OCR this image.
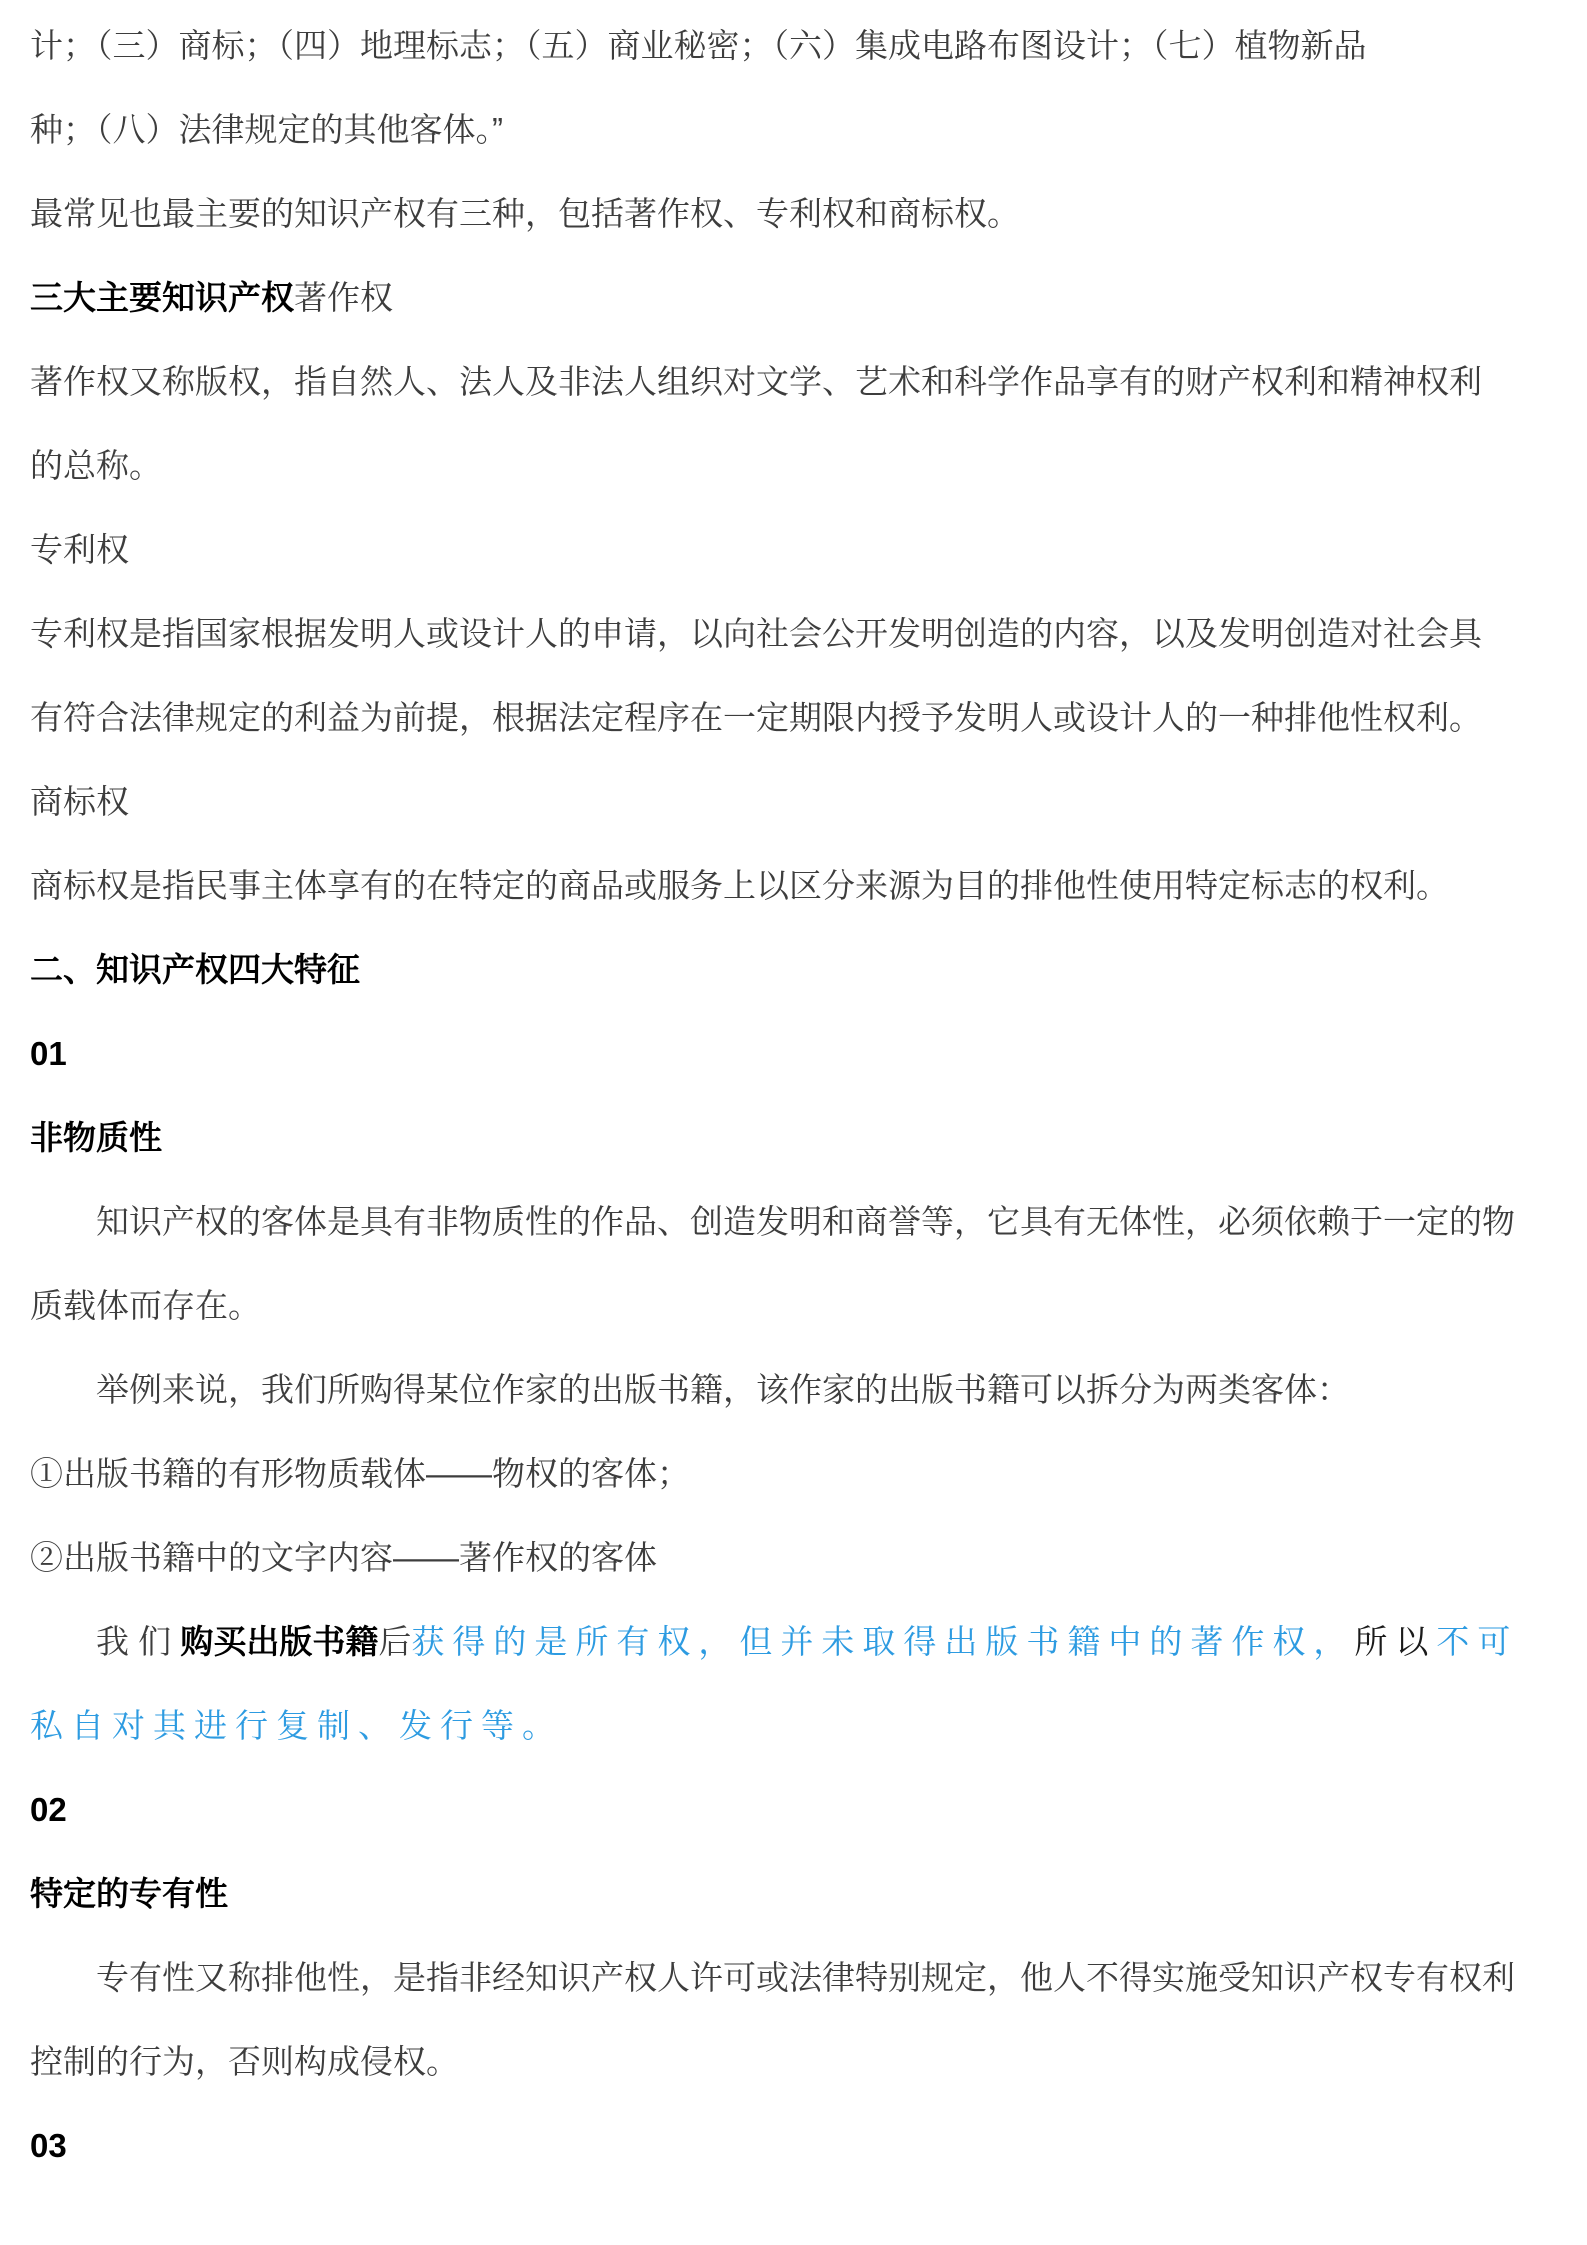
计；（三）商标；（四）地理标志；（五）商业秘密；（六）集成电路布图设计；（七）植物新品
种；（八）法律规定的其他客体。”
最常见也最主要的知识产权有三种，包括著作权、专利权和商标权。
三大主要知识产权著作权
著作权又称版权，指自然人、法人及非法人组织对文学、艺术和科学作品享有的财产权利和精神权利
的总称。
专利权
专利权是指国家根据发明人或设计人的申请，以向社会公开发明创造的内容，以及发明创造对社会具
有符合法律规定的利益为前提，根据法定程序在一定期限内授予发明人或设计人的一种排他性权利。
商标权
商标权是指民事主体享有的在特定的商品或服务上以区分来源为目的排他性使用特定标志的权利。
二、知识产权四大特征
01
非物质性
知识产权的客体是具有非物质性的作品、创造发明和商誉等，它具有无体性，必须依赖于一定的物
质载体而存在。
举例来说，我们所购得某位作家的出版书籍，该作家的出版书籍可以拆分为两类客体：
①出版书籍的有形物质载体——物权的客体；
②出版书籍中的文字内容——著作权的客体
我 们 购买出版书籍后获得的是所有权，但并未取得出版书籍中的著作权，所以不可
私自对其进行复制、发行等。
02
特定的专有性
专有性又称排他性，是指非经知识产权人许可或法律特别规定，他人不得实施受知识产权专有权利
控制的行为，否则构成侵权。
03
